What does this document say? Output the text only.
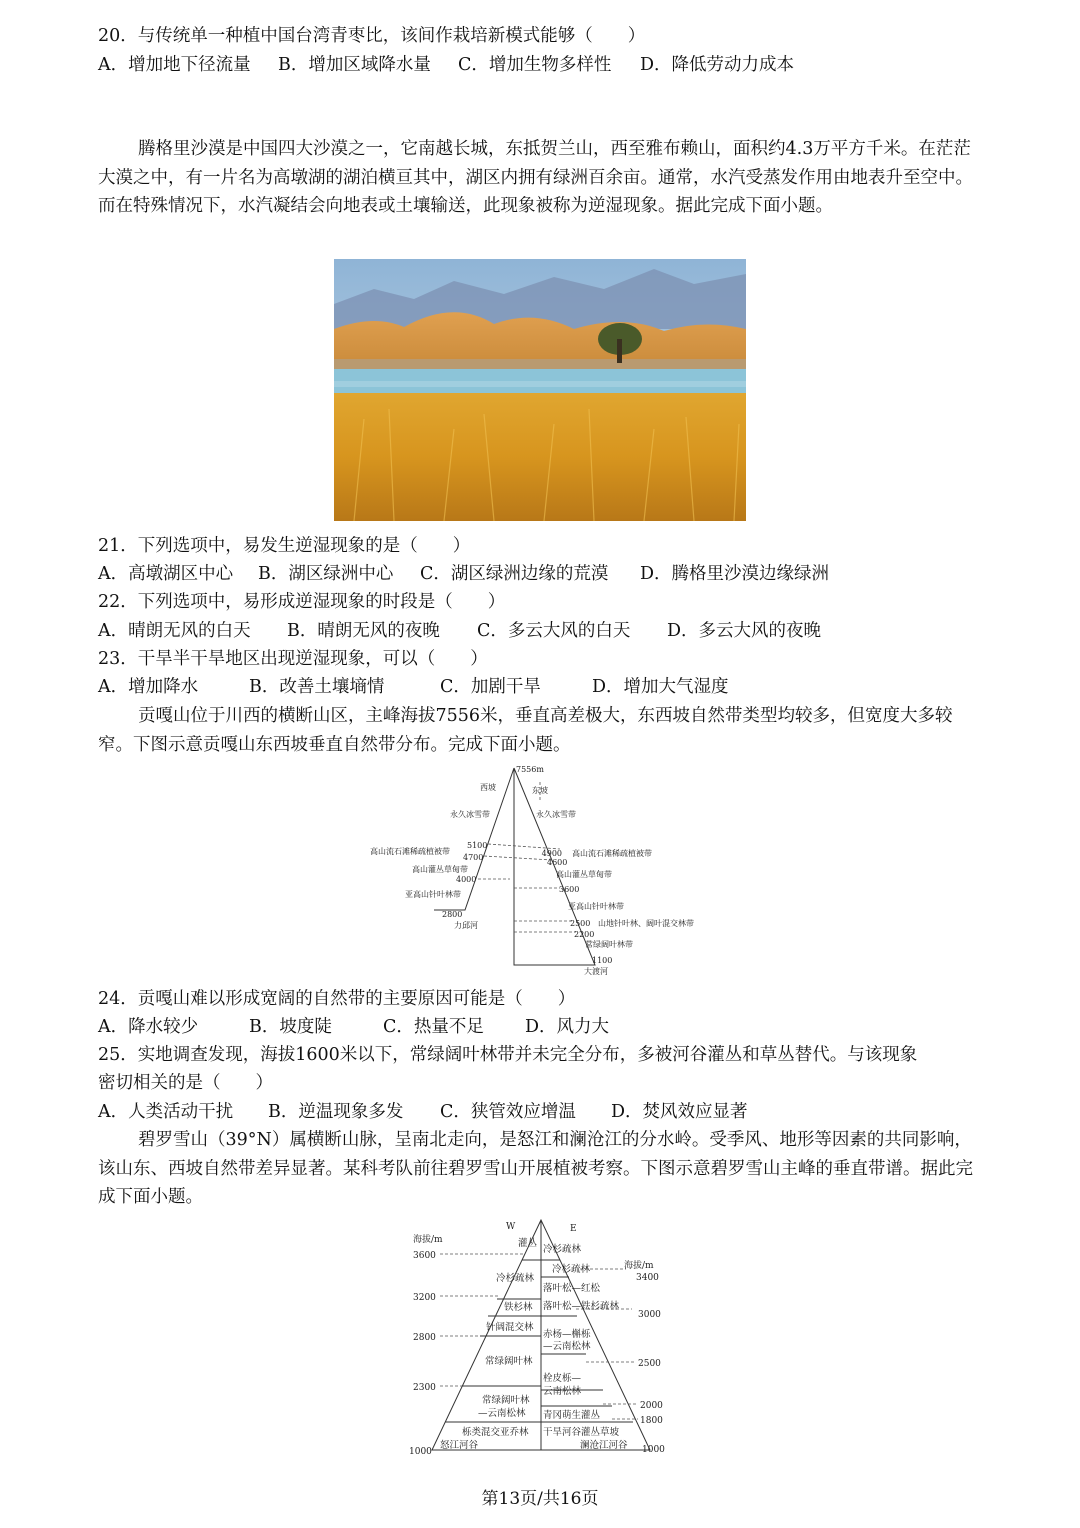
20．与传统单一种植中国台湾青枣比，该间作栽培新模式能够（　　）
A．增加地下径流量 B．增加区域降水量 C．增加生物多样性 D．降低劳动力成本
腾格里沙漠是中国四大沙漠之一，它南越长城，东抵贺兰山，西至雅布赖山，面积约4.3万平方千米。在茫茫大漠之中，有一片名为高墩湖的湖泊横亘其中，湖区内拥有绿洲百余亩。通常，水汽受蒸发作用由地表升至空中。而在特殊情况下，水汽凝结会向地表或土壤输送，此现象被称为逆湿现象。据此完成下面小题。
21．下列选项中，易发生逆湿现象的是（　　）
A．高墩湖区中心 B．湖区绿洲中心 C．湖区绿洲边缘的荒漠 D．腾格里沙漠边缘绿洲
22．下列选项中，易形成逆湿现象的时段是（　　）
A．晴朗无风的白天 B．晴朗无风的夜晚 C．多云大风的白天 D．多云大风的夜晚
23．干旱半干旱地区出现逆湿现象，可以（　　）
A．增加降水	B．改善土壤墒情	C．加剧干旱	D．增加大气湿度
贡嘎山位于川西的横断山区，主峰海拔7556米，垂直高差极大，东西坡自然带类型均较多，但宽度大多较窄。下图示意贡嘎山东西坡垂直自然带分布。完成下面小题。
7556m
西坡	东坡
永久冰雪带
高山流石滩稀疏植被带
高山灌丛草甸带
亚高山针叶林带
5100
4700
4000
2800
力邱河
永久冰雪带
高山流石滩稀疏植被带
高山灌丛草甸带
亚高山针叶林带
山地针叶林、阔叶混交林带
常绿阔叶林带
4900
4600
3600
2500
2200
1100
大渡河
24．贡嘎山难以形成宽阔的自然带的主要原因可能是（　　）
A．降水较少	B．坡度陡	C．热量不足 D．风力大
25．实地调查发现，海拔1600米以下，常绿阔叶林带并未完全分布，多被河谷灌丛和草丛替代。与该现象
密切相关的是（　　）
A．人类活动干扰 B．逆温现象多发 C．狭管效应增温 D．焚风效应显著
碧罗雪山（39°N）属横断山脉，呈南北走向，是怒江和澜沧江的分水岭。受季风、地形等因素的共同影响，该山东、西坡自然带差异显著。某科考队前往碧罗雪山开展植被考察。下图示意碧罗雪山主峰的垂直带谱。据此完成下面小题。
W	E
海拔/m
海拔/m
3600
3200
2800
2300
1000
3400
3000
2500
2000
1800
1000
灌丛
冷杉疏林
铁杉林
针阔混交林
常绿阔叶林
常绿阔叶林
—云南松林
栎类混交亚乔林
冷杉疏林
冷杉疏林
落叶松—红松
落叶松—铁杉疏林
赤杨—槲栎
—云南松林
栓皮栎—
云南松林
青冈萌生灌丛
干旱河谷灌丛草坡
怒江河谷	澜沧江河谷
第13页/共16页
